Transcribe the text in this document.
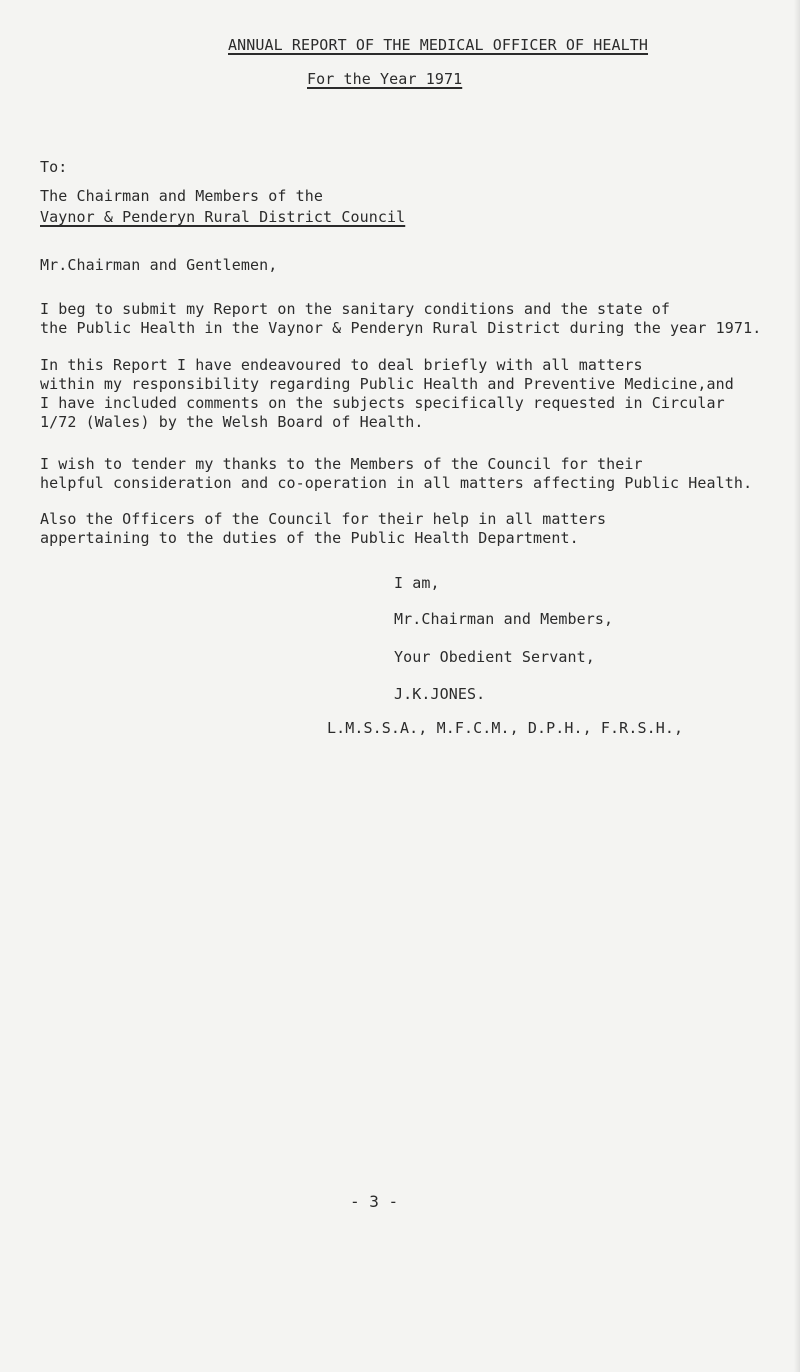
ANNUAL REPORT OF THE MEDICAL OFFICER OF HEALTH
For the Year 1971
To:
The Chairman and Members of the
Vaynor & Penderyn Rural District Council
Mr.Chairman and Gentlemen,
I beg to submit my Report on the sanitary conditions and the state of
the Public Health in the Vaynor & Penderyn Rural District during the year 1971.
In this Report I have endeavoured to deal briefly with all matters
within my responsibility regarding Public Health and Preventive Medicine,and
I have included comments on the subjects specifically requested in Circular
1/72 (Wales) by the Welsh Board of Health.
I wish to tender my thanks to the Members of the Council for their
helpful consideration and co-operation in all matters affecting Public Health.
Also the Officers of the Council for their help in all matters
appertaining to the duties of the Public Health Department.
I am,
Mr.Chairman and Members,
Your Obedient Servant,
J.K.JONES.
L.M.S.S.A., M.F.C.M., D.P.H., F.R.S.H.,
- 3 -
